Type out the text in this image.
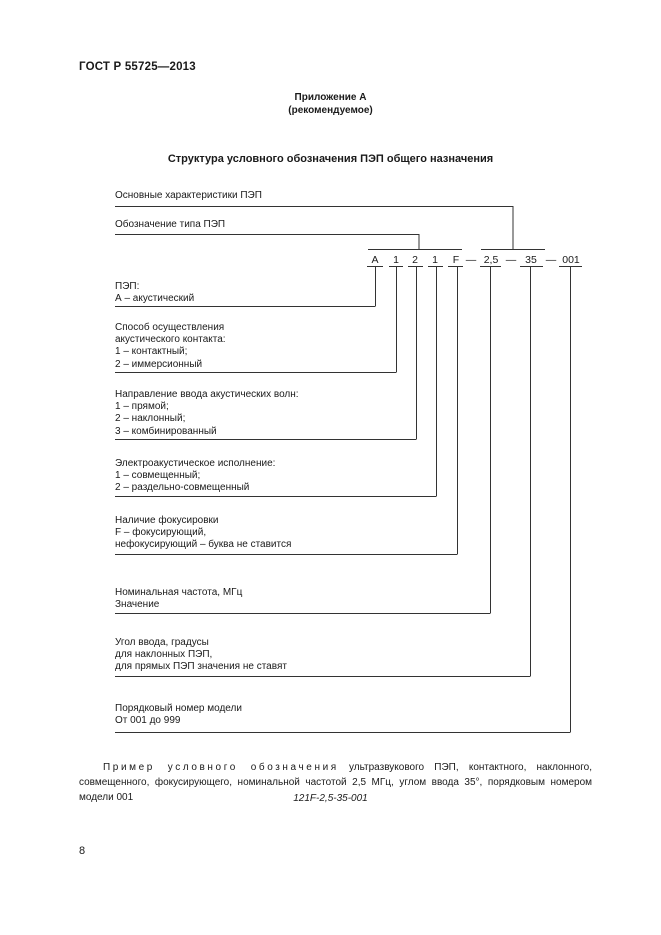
ГОСТ Р 55725—2013
Приложение А
(рекомендуемое)
Структура условного обозначения ПЭП общего назначения
Основные характеристики ПЭП
Обозначение типа ПЭП
A	1	2	1	F — 2,5 — 35 — 001
ПЭП:
А – акустический
Способ осуществления
акустического контакта:
1 – контактный;
2 – иммерсионный
Направление ввода акустических волн:
1 – прямой;
2 – наклонный;
3 – комбинированный
Электроакустическое исполнение:
1 – совмещенный;
2 – раздельно-совмещенный
Наличие фокусировки
F – фокусирующий,
нефокусирующий – буква не ставится
Номинальная частота, МГц
Значение
Угол ввода, градусы
для наклонных ПЭП,
для прямых ПЭП значения не ставят
Порядковый номер модели
От 001 до 999
Пример условного обозначения ультразвукового ПЭП, контактного, наклонного, совмещенного, фокусирующего, номинальной частотой 2,5 МГц, углом ввода 35°, порядковым номером модели 001	121F-2,5-35-001
8
